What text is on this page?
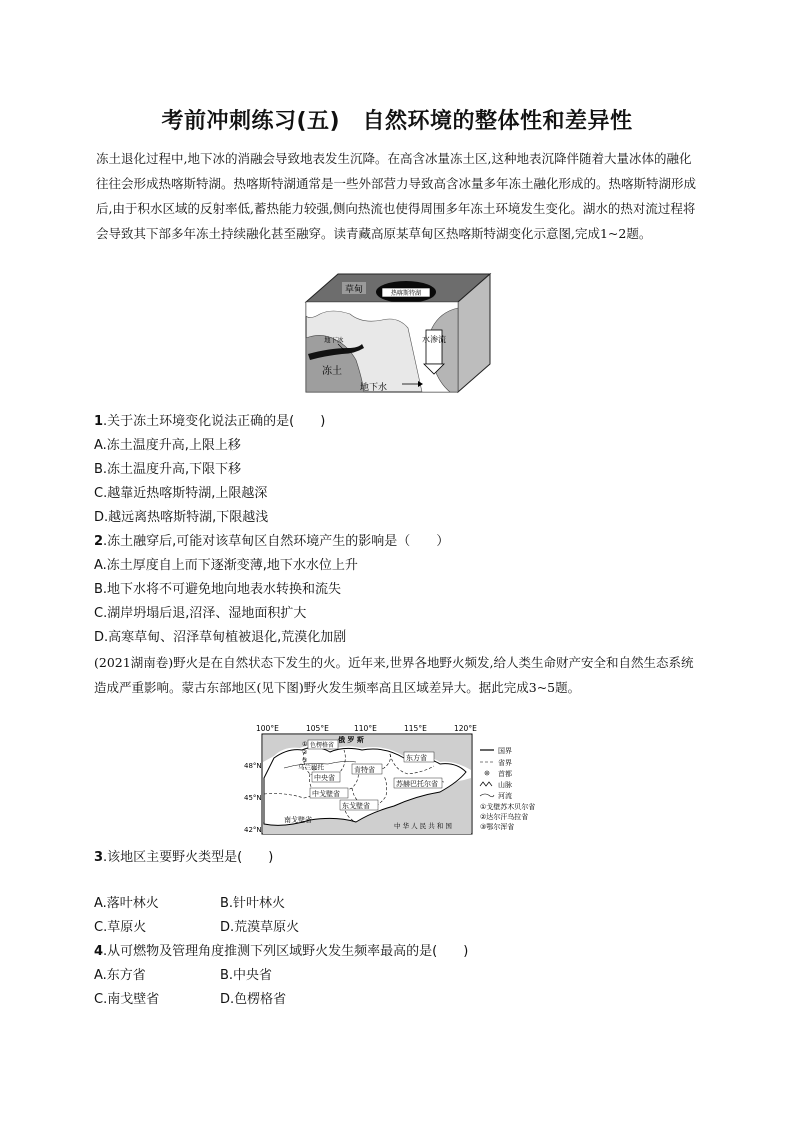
考前冲刺练习(五)　自然环境的整体性和差异性
冻土退化过程中,地下冰的消融会导致地表发生沉降。在高含冰量冻土区,这种地表沉降伴随着大量冰体的融化往往会形成热喀斯特湖。热喀斯特湖通常是一些外部营力导致高含冰量多年冻土融化形成的。热喀斯特湖形成后,由于积水区域的反射率低,蓄热能力较强,侧向热流也使得周围多年冻土环境发生变化。湖水的热对流过程将会导致其下部多年冻土持续融化甚至融穿。读青藏高原某草甸区热喀斯特湖变化示意图,完成1~2题。
热喀斯特湖
草甸
水渗流
地下冰
冻土
地下水
1.关于冻土环境变化说法正确的是(　　)
A.冻土温度升高,上限上移
B.冻土温度升高,下限下移
C.越靠近热喀斯特湖,上限越深
D.越远离热喀斯特湖,下限越浅
2.冻土融穿后,可能对该草甸区自然环境产生的影响是（　　）
A.冻土厚度自上而下逐渐变薄,地下水水位上升
B.地下水将不可避免地向地表水转换和流失
C.湖岸坍塌后退,沼泽、湿地面积扩大
D.高寒草甸、沼泽草甸植被退化,荒漠化加剧
(2021湖南卷)野火是在自然状态下发生的火。近年来,世界各地野火频发,给人类生命财产安全和自然生态系统造成严重影响。蒙古东部地区(见下图)野火发生频率高且区域差异大。据此完成3~5题。
100°E	105°E	110°E	115°E	120°E
48°N
45°N
42°N
俄 罗 斯
中 华 人 民 共 和 国
乌兰巴托
①
②
③
色楞格省
中央省
肯特省
东方省
苏赫巴托尔省
中戈壁省
东戈壁省
南戈壁省
国界
省界
首都
山脉
河流
①戈壁苏木贝尔省
②达尔汗乌拉省
③鄂尔浑省
3.该地区主要野火类型是(　　)
A.落叶林火	B.针叶林火
C.草原火	D.荒漠草原火
4.从可燃物及管理角度推测下列区域野火发生频率最高的是(　　)
A.东方省	B.中央省
C.南戈壁省	D.色楞格省
